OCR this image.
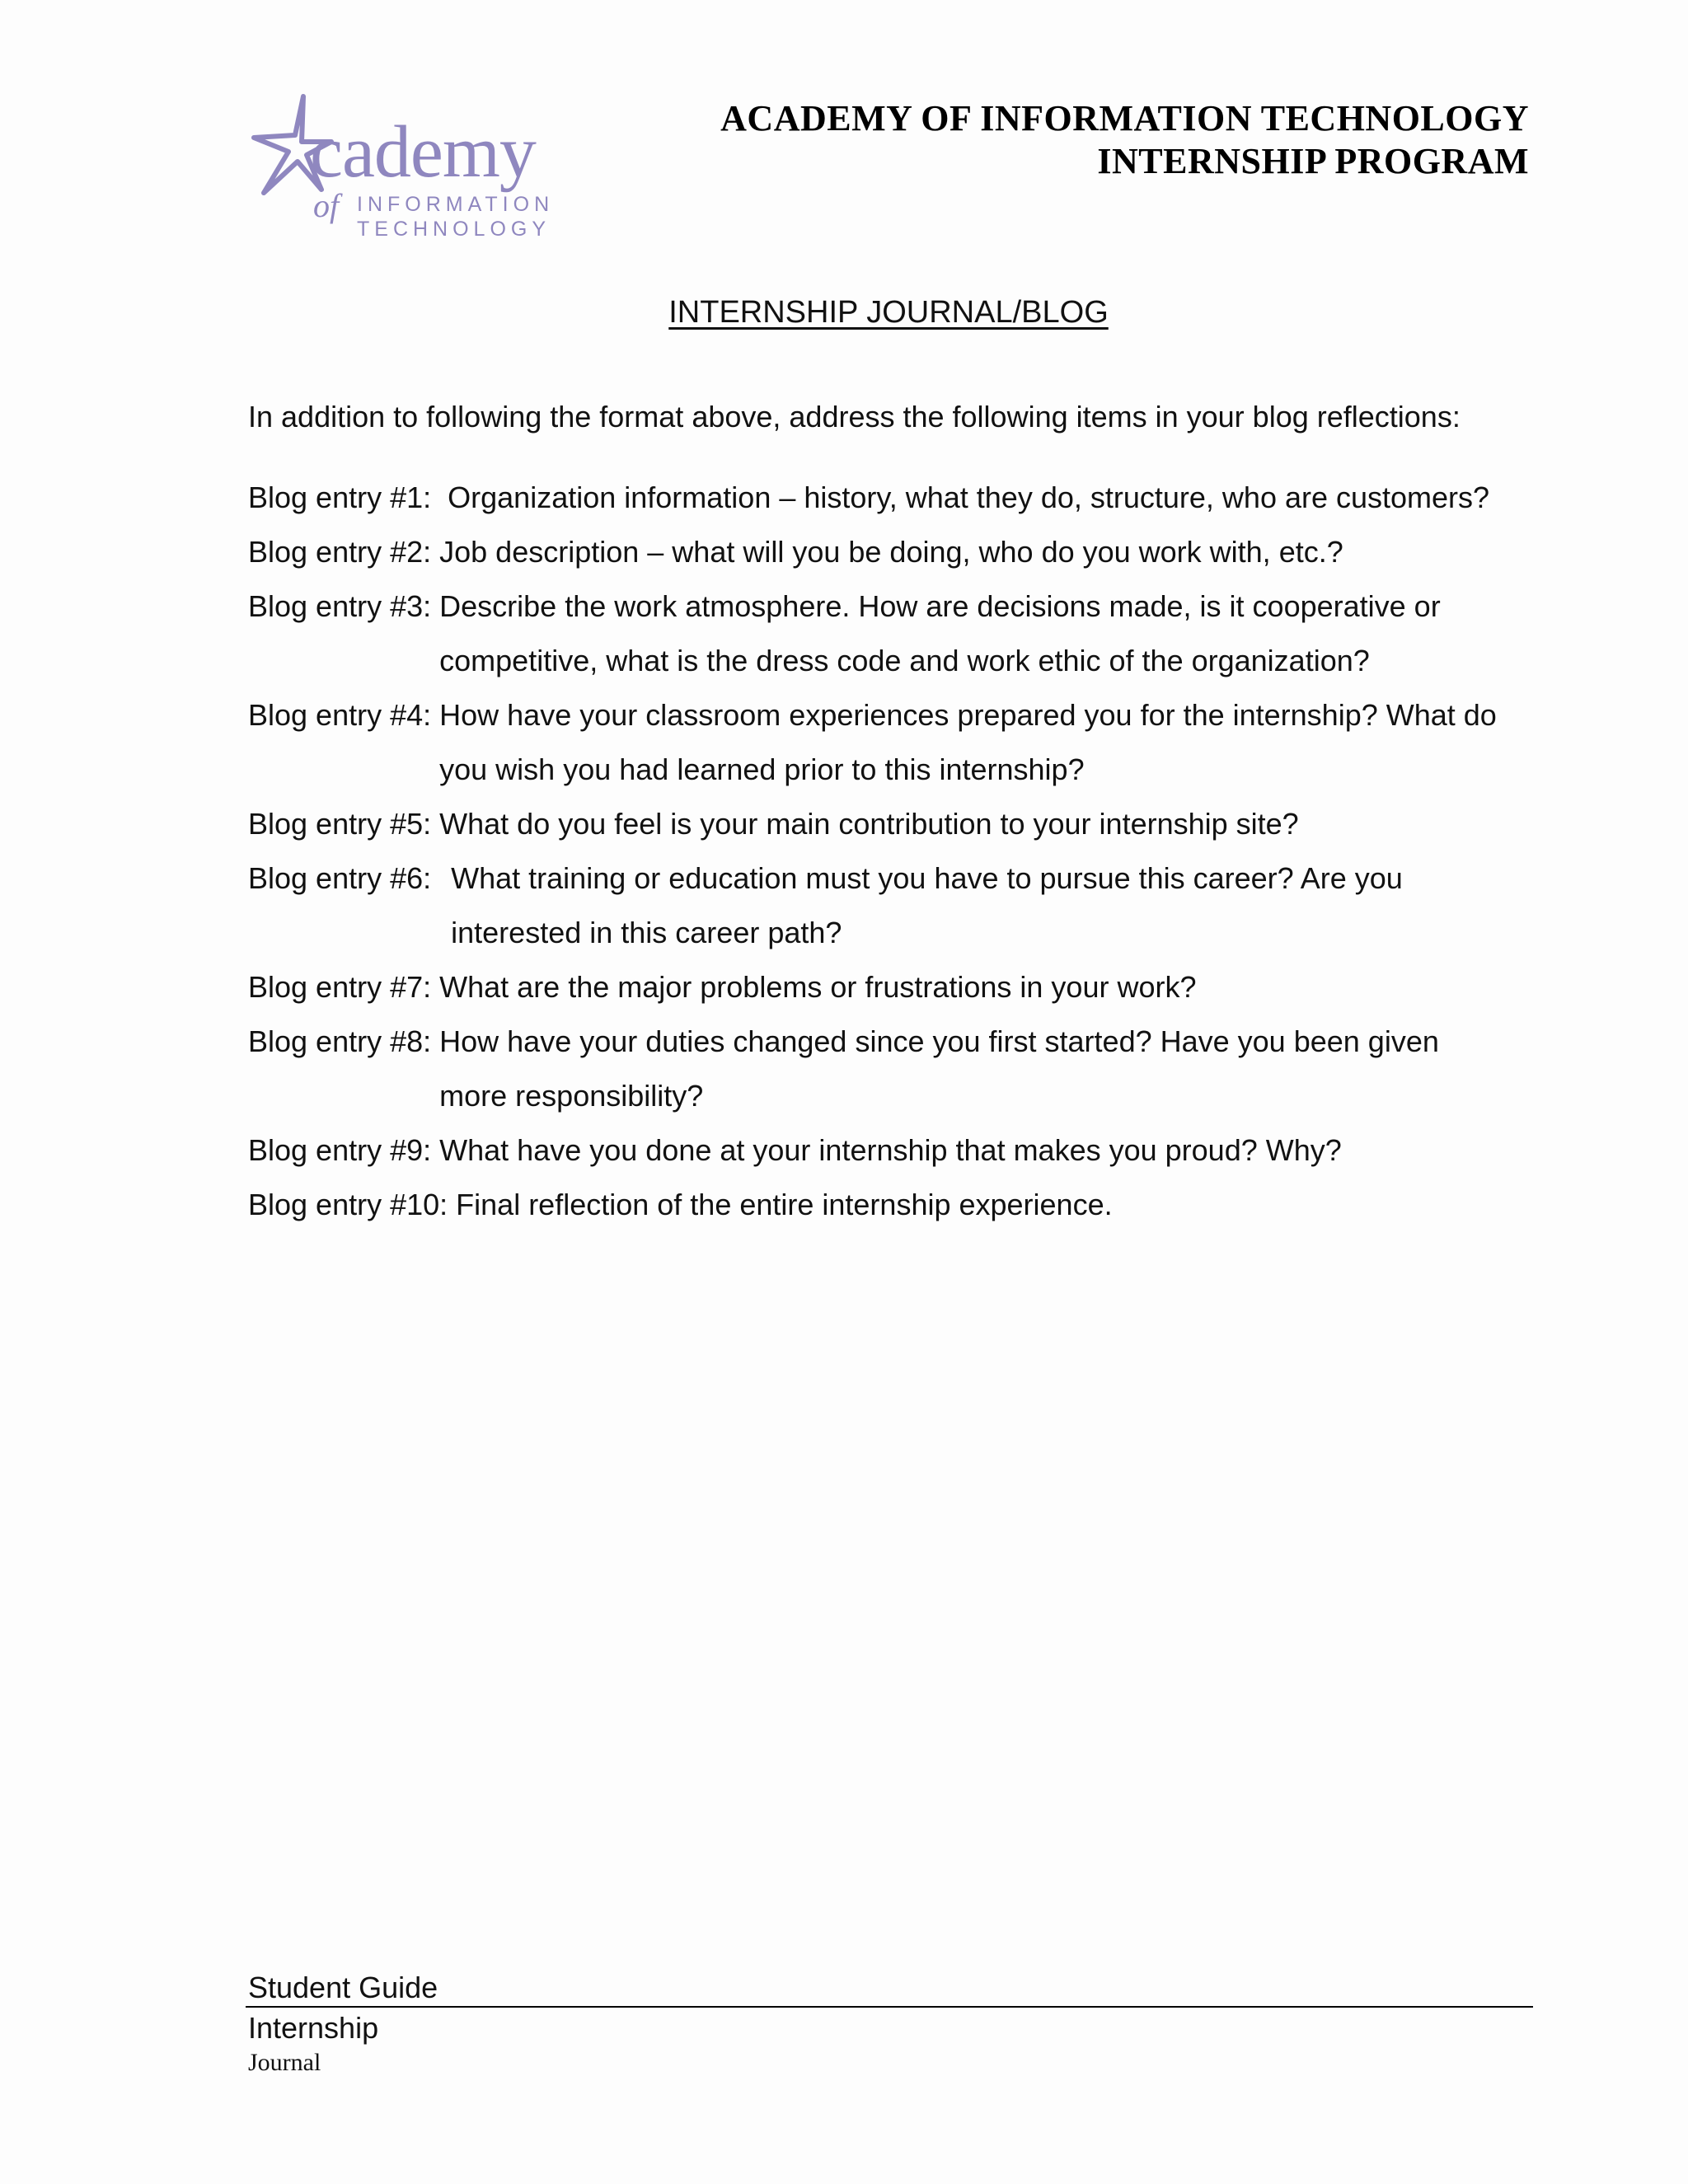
cademy
of INFORMATION
TECHNOLOGY
ACADEMY OF INFORMATION TECHNOLOGY
INTERNSHIP PROGRAM
INTERNSHIP JOURNAL/BLOG
In addition to following the format above, address the following items in your blog reflections:
Blog entry #1: Organization information – history, what they do, structure, who are customers?
Blog entry #2: Job description – what will you be doing, who do you work with, etc.?
Blog entry #3: Describe the work atmosphere. How are decisions made, is it cooperative or competitive, what is the dress code and work ethic of the organization?
Blog entry #4: How have your classroom experiences prepared you for the internship? What do you wish you had learned prior to this internship?
Blog entry #5: What do you feel is your main contribution to your internship site?
Blog entry #6: What training or education must you have to pursue this career? Are you interested in this career path?
Blog entry #7: What are the major problems or frustrations in your work?
Blog entry #8: How have your duties changed since you first started? Have you been given more responsibility?
Blog entry #9: What have you done at your internship that makes you proud? Why?
Blog entry #10: Final reflection of the entire internship experience.
Student Guide
Internship
Journal
